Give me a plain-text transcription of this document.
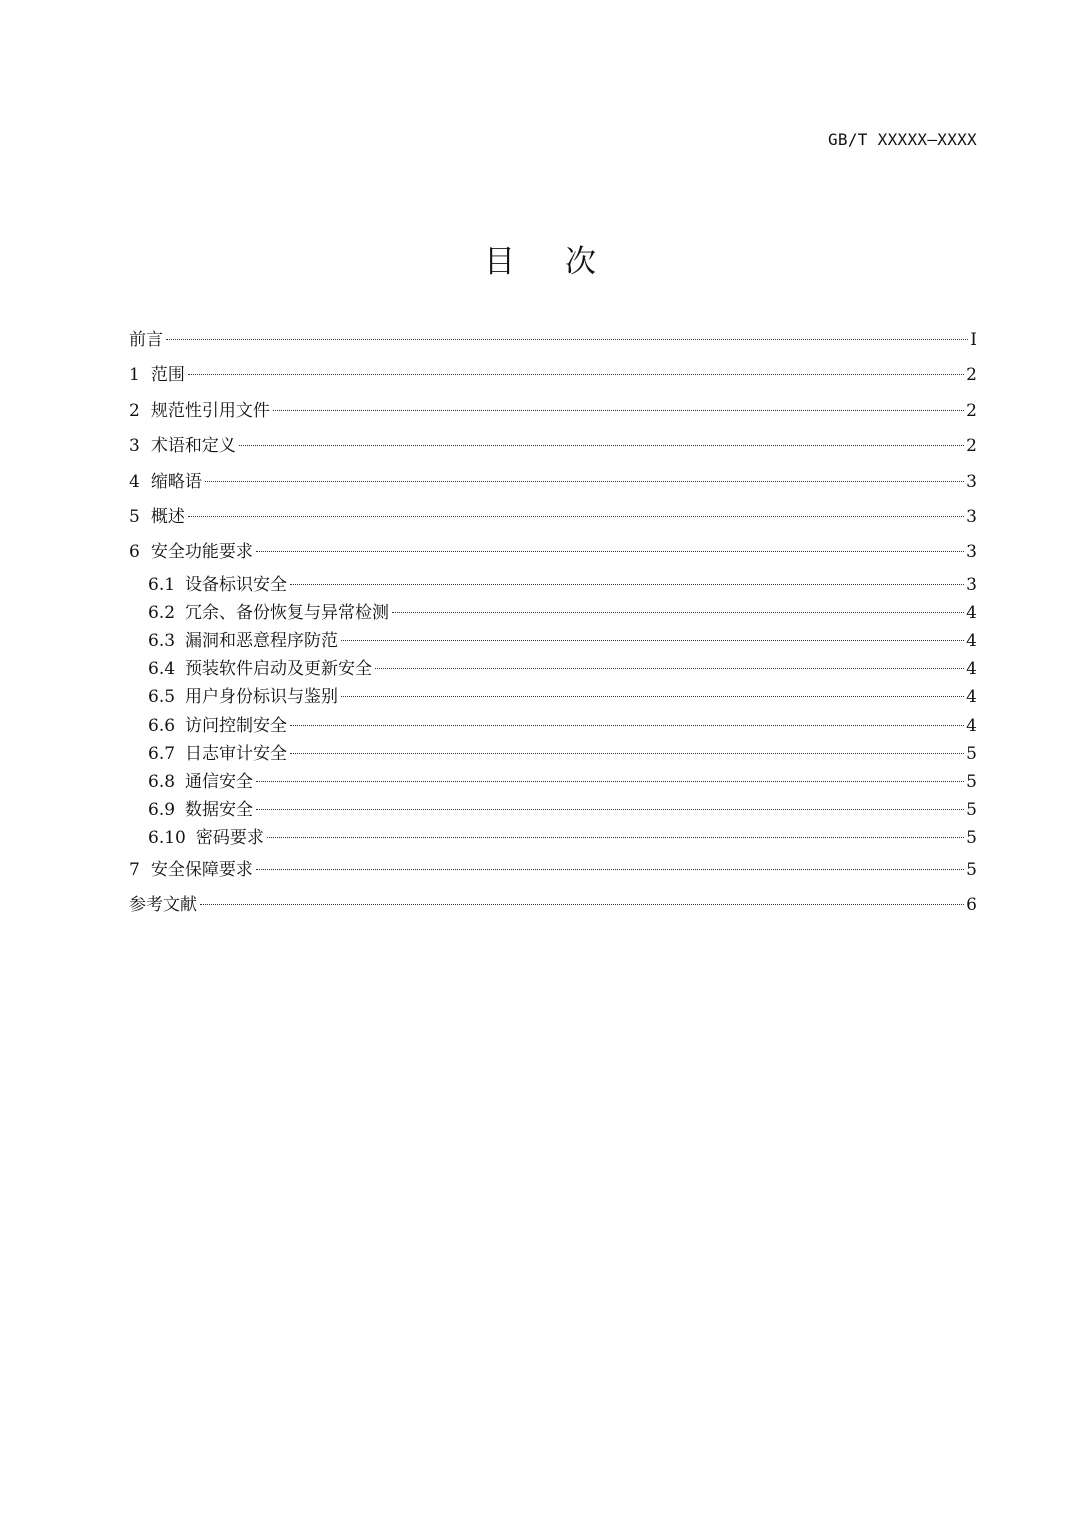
GB/T XXXXX—XXXX
目次
前言	I
1 范围	2
2 规范性引用文件	2
3 术语和定义	2
4 缩略语	3
5 概述	3
6 安全功能要求	3
6.1 设备标识安全	3
6.2 冗余、备份恢复与异常检测	4
6.3 漏洞和恶意程序防范	4
6.4 预装软件启动及更新安全	4
6.5 用户身份标识与鉴别	4
6.6 访问控制安全	4
6.7 日志审计安全	5
6.8 通信安全	5
6.9 数据安全	5
6.10 密码要求	5
7 安全保障要求	5
参考文献	6
